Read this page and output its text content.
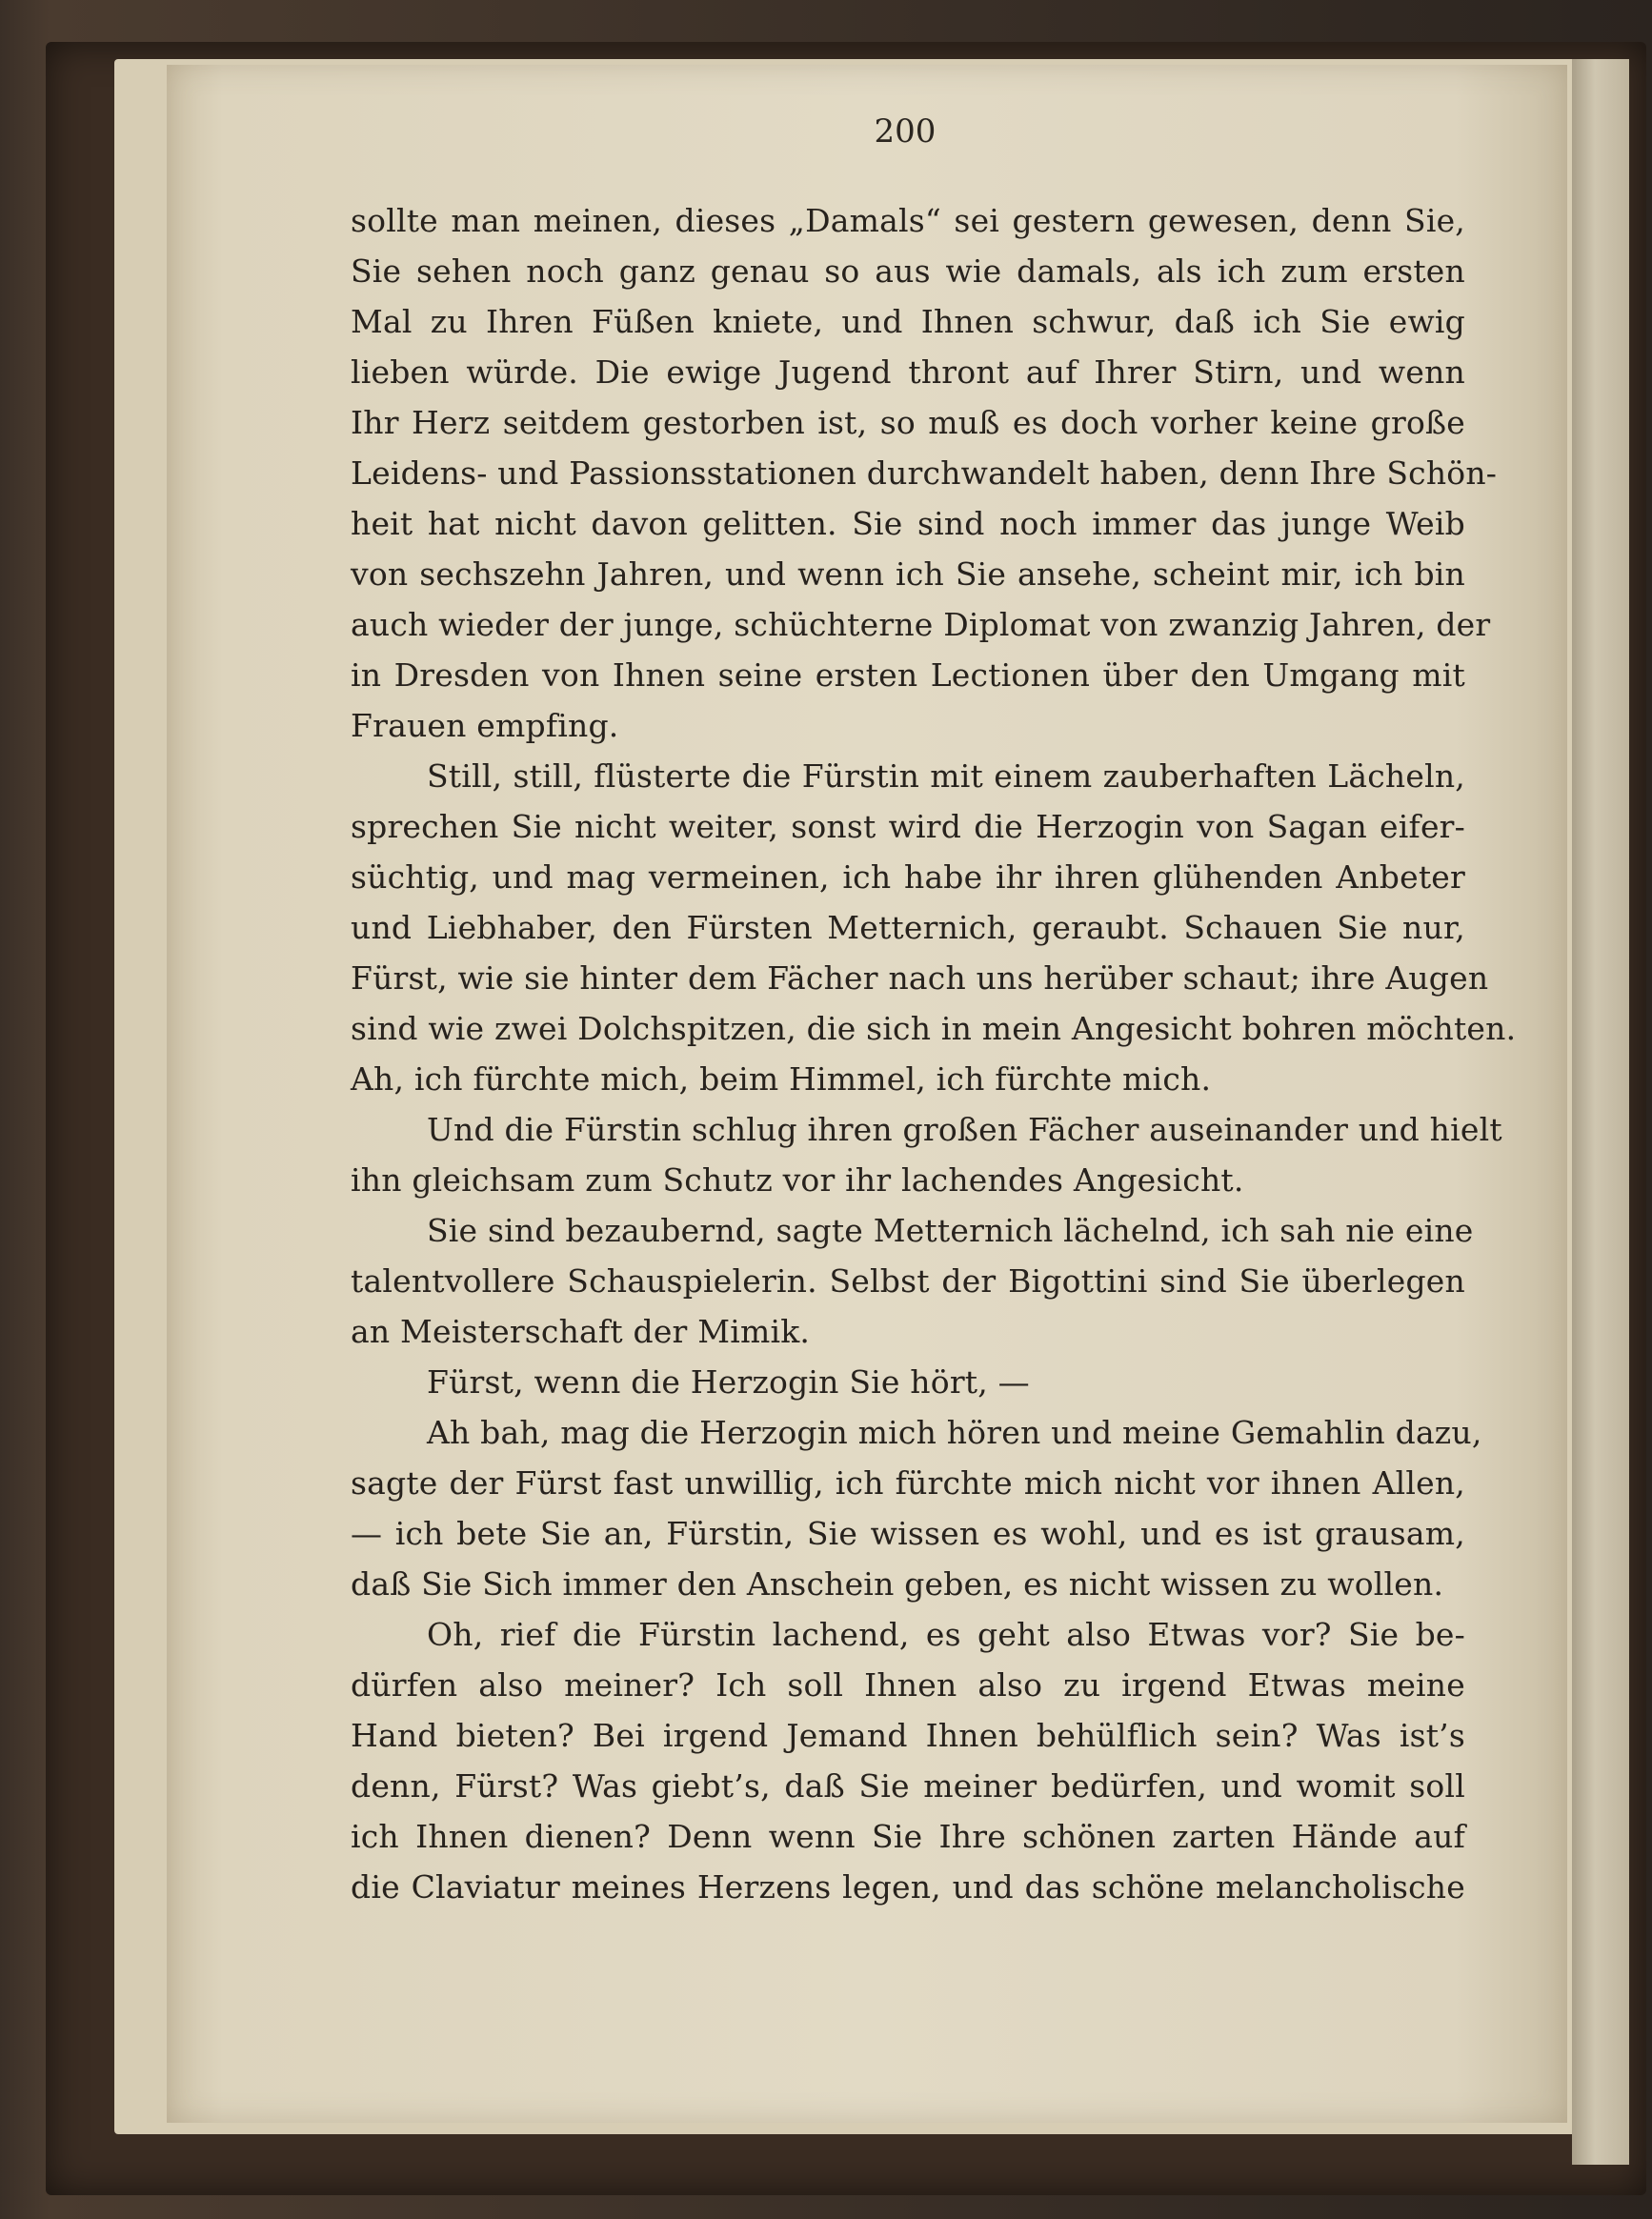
200
sollte man meinen, dieses „Damals“ sei gestern gewesen, denn Sie,
Sie sehen noch ganz genau so aus wie damals, als ich zum ersten
Mal zu Ihren Füßen kniete, und Ihnen schwur, daß ich Sie ewig
lieben würde. Die ewige Jugend thront auf Ihrer Stirn, und wenn
Ihr Herz seitdem gestorben ist, so muß es doch vorher keine große
Leidens- und Passionsstationen durchwandelt haben, denn Ihre Schön-
heit hat nicht davon gelitten. Sie sind noch immer das junge Weib
von sechszehn Jahren, und wenn ich Sie ansehe, scheint mir, ich bin
auch wieder der junge, schüchterne Diplomat von zwanzig Jahren, der
in Dresden von Ihnen seine ersten Lectionen über den Umgang mit
Frauen empfing.
Still, still, flüsterte die Fürstin mit einem zauberhaften Lächeln,
sprechen Sie nicht weiter, sonst wird die Herzogin von Sagan eifer-
süchtig, und mag vermeinen, ich habe ihr ihren glühenden Anbeter
und Liebhaber, den Fürsten Metternich, geraubt. Schauen Sie nur,
Fürst, wie sie hinter dem Fächer nach uns herüber schaut; ihre Augen
sind wie zwei Dolchspitzen, die sich in mein Angesicht bohren möchten.
Ah, ich fürchte mich, beim Himmel, ich fürchte mich.
Und die Fürstin schlug ihren großen Fächer auseinander und hielt
ihn gleichsam zum Schutz vor ihr lachendes Angesicht.
Sie sind bezaubernd, sagte Metternich lächelnd, ich sah nie eine
talentvollere Schauspielerin. Selbst der Bigottini sind Sie überlegen
an Meisterschaft der Mimik.
Fürst, wenn die Herzogin Sie hört, —
Ah bah, mag die Herzogin mich hören und meine Gemahlin dazu,
sagte der Fürst fast unwillig, ich fürchte mich nicht vor ihnen Allen,
— ich bete Sie an, Fürstin, Sie wissen es wohl, und es ist grausam,
daß Sie Sich immer den Anschein geben, es nicht wissen zu wollen.
Oh, rief die Fürstin lachend, es geht also Etwas vor? Sie be-
dürfen also meiner? Ich soll Ihnen also zu irgend Etwas meine
Hand bieten? Bei irgend Jemand Ihnen behülflich sein? Was ist’s
denn, Fürst? Was giebt’s, daß Sie meiner bedürfen, und womit soll
ich Ihnen dienen? Denn wenn Sie Ihre schönen zarten Hände auf
die Claviatur meines Herzens legen, und das schöne melancholische
